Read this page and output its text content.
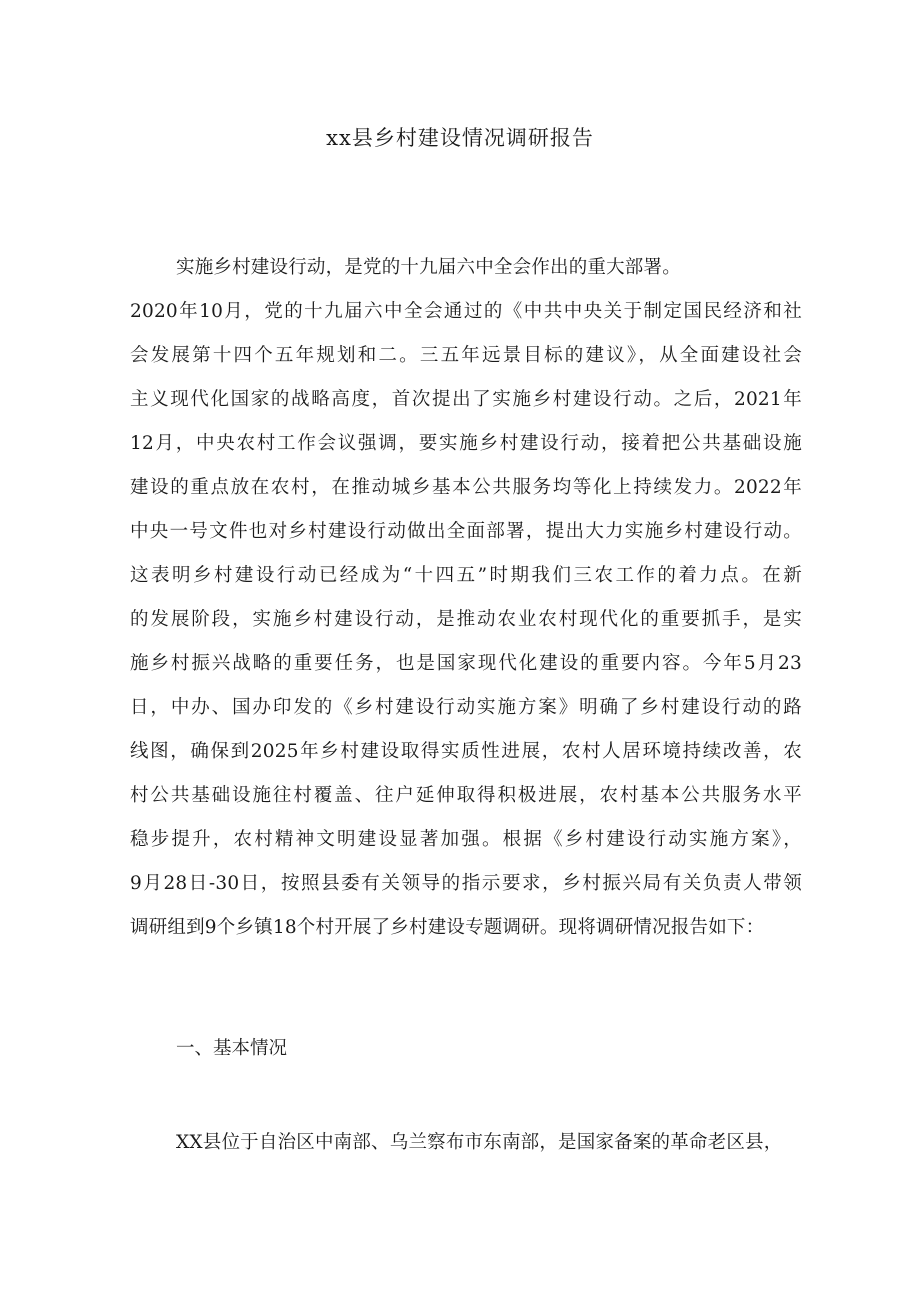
xx县乡村建设情况调研报告
实施乡村建设行动，是党的十九届六中全会作出的重大部署。
2020年10月，党的十九届六中全会通过的《中共中央关于制定国民经济和社
会发展第十四个五年规划和二。三五年远景目标的建议》，从全面建设社会
主义现代化国家的战略高度，首次提出了实施乡村建设行动。之后，2021年
12月，中央农村工作会议强调，要实施乡村建设行动，接着把公共基础设施
建设的重点放在农村，在推动城乡基本公共服务均等化上持续发力。2022年
中央一号文件也对乡村建设行动做出全面部署，提出大力实施乡村建设行动。
这表明乡村建设行动已经成为“十四五”时期我们三农工作的着力点。在新
的发展阶段，实施乡村建设行动，是推动农业农村现代化的重要抓手，是实
施乡村振兴战略的重要任务，也是国家现代化建设的重要内容。今年5月23
日，中办、国办印发的《乡村建设行动实施方案》明确了乡村建设行动的路
线图，确保到2025年乡村建设取得实质性进展，农村人居环境持续改善，农
村公共基础设施往村覆盖、往户延伸取得积极进展，农村基本公共服务水平
稳步提升，农村精神文明建设显著加强。根据《乡村建设行动实施方案》，
9月28日-30日，按照县委有关领导的指示要求，乡村振兴局有关负责人带领
调研组到9个乡镇18个村开展了乡村建设专题调研。现将调研情况报告如下：
一、基本情况
XX县位于自治区中南部、乌兰察布市东南部，是国家备案的革命老区县，
